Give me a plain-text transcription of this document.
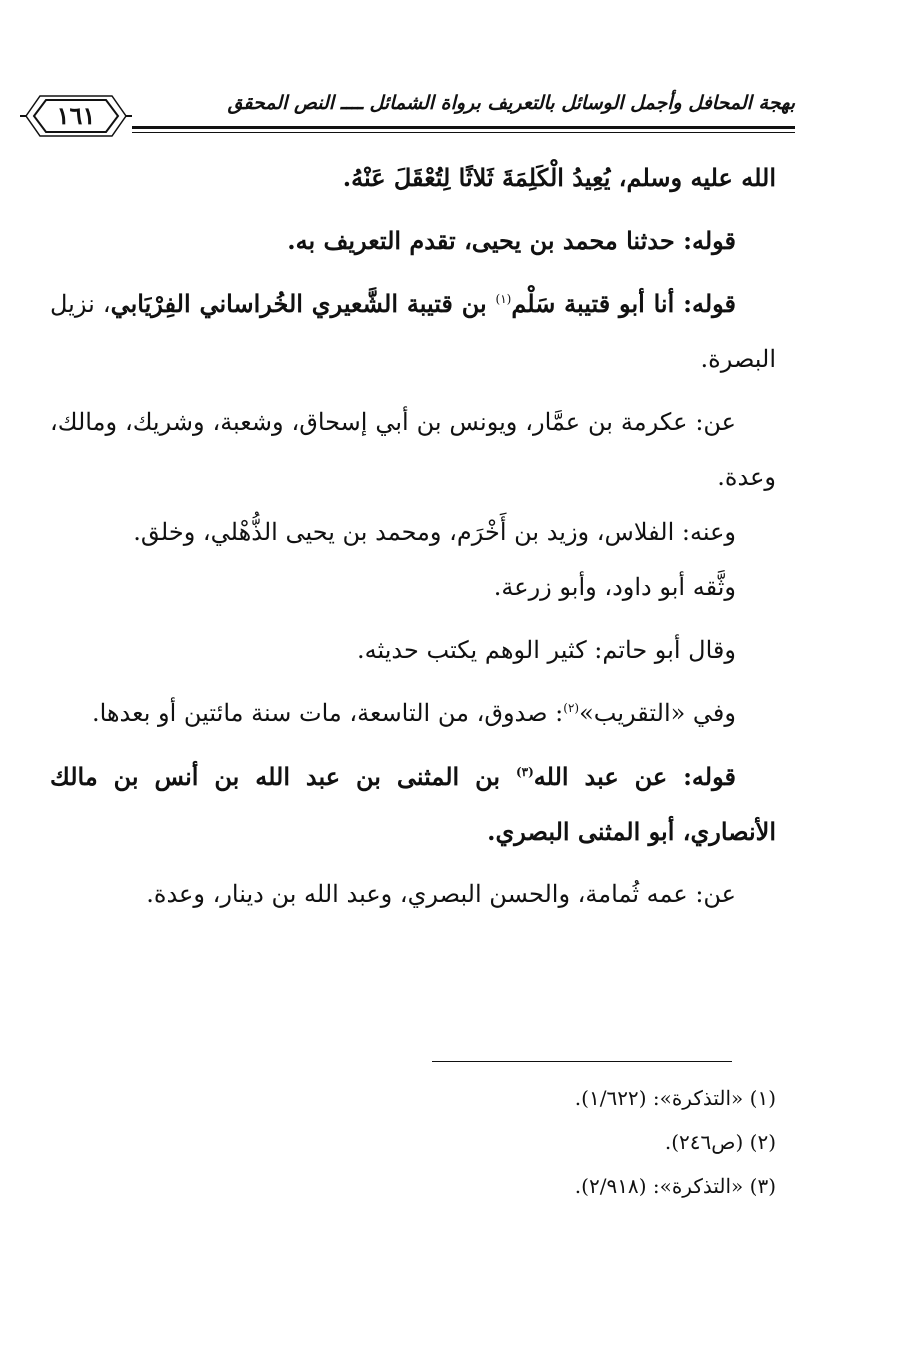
١٦١	بهجة المحافل وأجمل الوسائل بالتعريف برواة الشمائل ــــ النص المحقق

الله عليه وسلم، يُعِيدُ الْكَلِمَةَ ثَلاثًا لِتُعْقَلَ عَنْهُ.

قوله: حدثنا محمد بن يحيى، تقدم التعريف به.

قوله: أنا أبو قتيبة سَلْم$^{(١)}$ بن قتيبة الشَّعيري الخُراساني الفِرْيَابي، نزيل البصرة.

عن: عكرمة بن عمَّار، ويونس بن أبي إسحاق، وشعبة، وشريك، ومالك، وعدة.

وعنه: الفلاس، وزيد بن أَخْرَم، ومحمد بن يحيى الذُّهْلي، وخلق.

وثَّقه أبو داود، وأبو زرعة.

وقال أبو حاتم: كثير الوهم يكتب حديثه.

وفي «التقريب»$^{(٢)}$: صدوق، من التاسعة، مات سنة مائتين أو بعدها.

قوله: عن عبد الله$^{(٣)}$ بن المثنى بن عبد الله بن أنس بن مالك الأنصاري، أبو المثنى البصري.

عن: عمه ثُمامة، والحسن البصري، وعبد الله بن دينار، وعدة.

(١) «التذكرة»: (١/٦٢٢).
(٢) (ص٢٤٦).
(٣) «التذكرة»: (٢/٩١٨).
